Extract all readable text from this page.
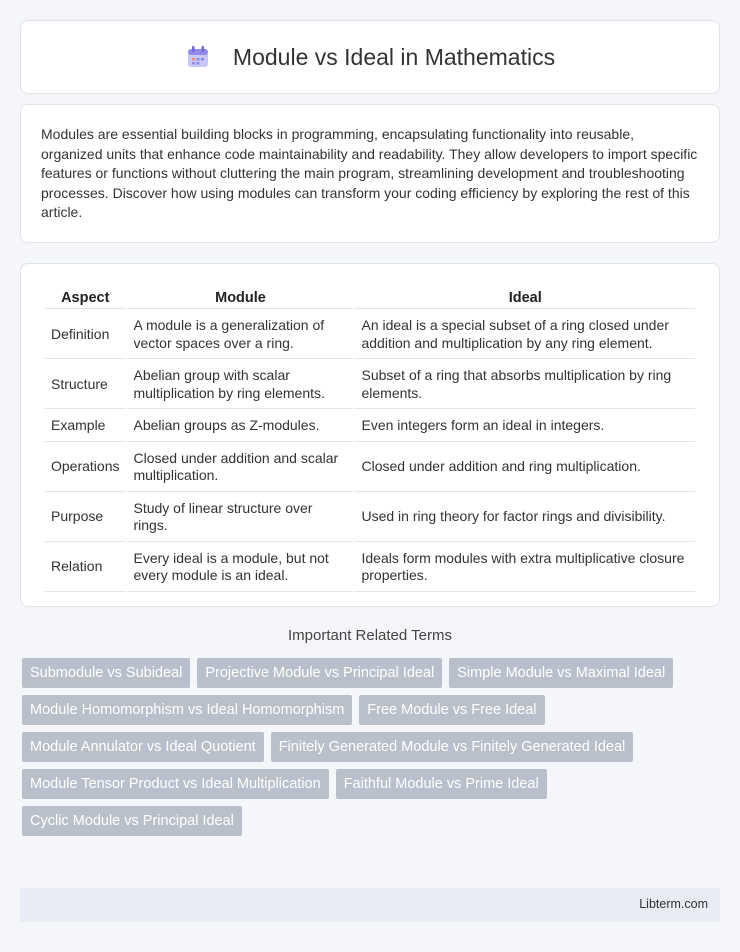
Module vs Ideal in Mathematics

Modules are essential building blocks in programming, encapsulating functionality into reusable, organized units that enhance code maintainability and readability. They allow developers to import specific features or functions without cluttering the main program, streamlining development and troubleshooting processes. Discover how using modules can transform your coding efficiency by exploring the rest of this article.

Aspect	Module	Ideal
Definition	A module is a generalization of vector spaces over a ring.	An ideal is a special subset of a ring closed under addition and multiplication by any ring element.
Structure	Abelian group with scalar multiplication by ring elements.	Subset of a ring that absorbs multiplication by ring elements.
Example	Abelian groups as Z-modules.	Even integers form an ideal in integers.
Operations	Closed under addition and scalar multiplication.	Closed under addition and ring multiplication.
Purpose	Study of linear structure over rings.	Used in ring theory for factor rings and divisibility.
Relation	Every ideal is a module, but not every module is an ideal.	Ideals form modules with extra multiplicative closure properties.
Important Related Terms
Submodule vs Subideal	Projective Module vs Principal Ideal	Simple Module vs Maximal Ideal
Module Homomorphism vs Ideal Homomorphism	Free Module vs Free Ideal
Module Annulator vs Ideal Quotient	Finitely Generated Module vs Finitely Generated Ideal
Module Tensor Product vs Ideal Multiplication	Faithful Module vs Prime Ideal
Cyclic Module vs Principal Ideal
Libterm.com
